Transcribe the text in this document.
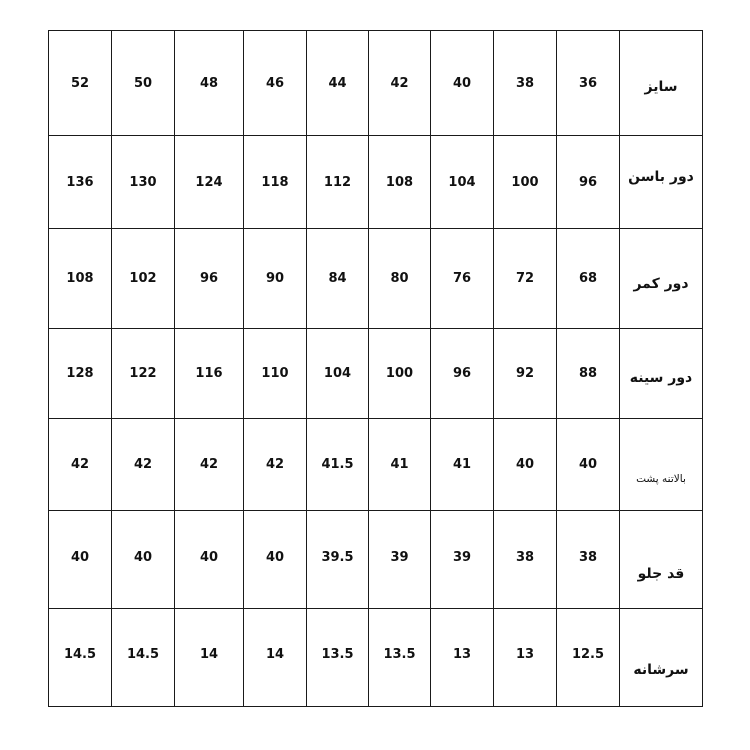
52	50	48	46	44	42	40	38	36	سایز
136	130	124	118	112	108	104	100	96	دور باسن
108	102	96	90	84	80	76	72	68	دور کمر
128	122	116	110	104	100	96	92	88	دور سینه
42	42	42	42	41.5	41	41	40	40	بالاتنه پشت
40	40	40	40	39.5	39	39	38	38	قد جلو
14.5	14.5	14	14	13.5	13.5	13	13	12.5	سرشانه
